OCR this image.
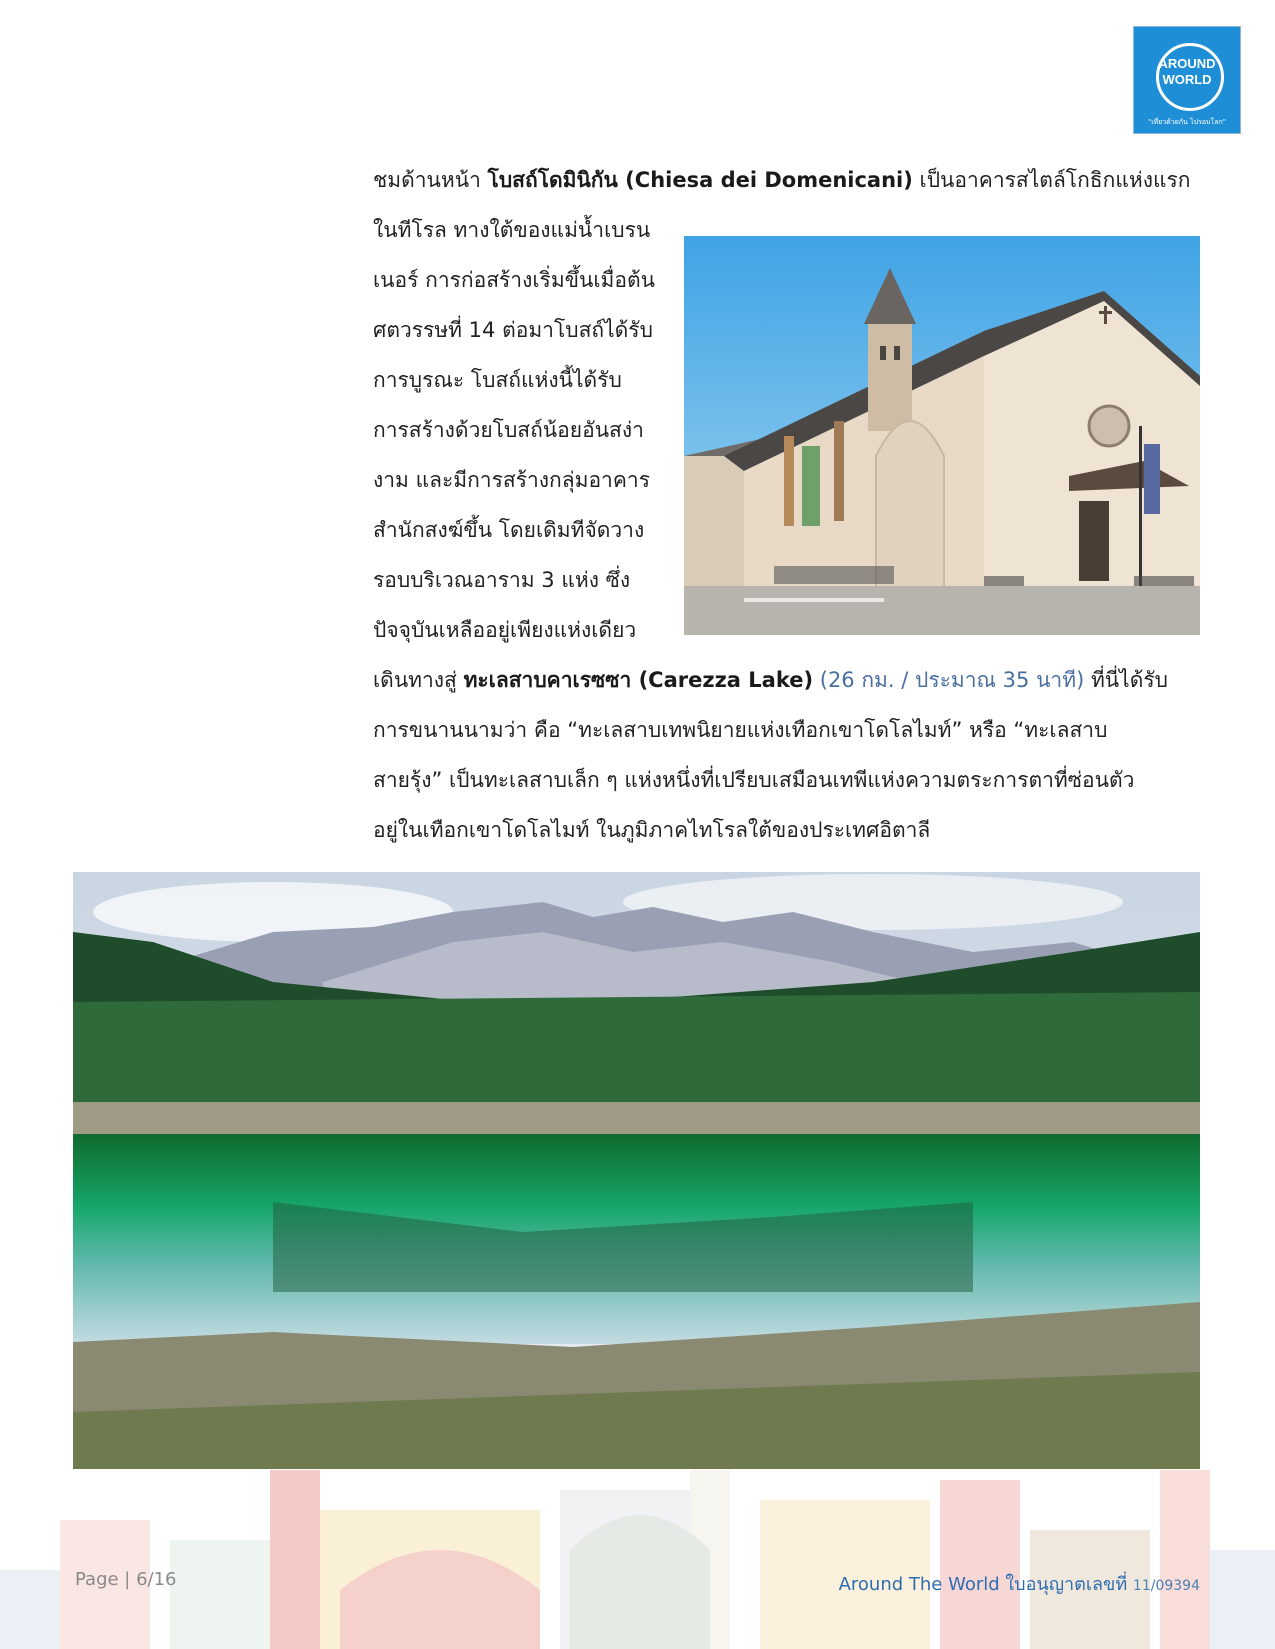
AROUND
WORLD
"เที่ยวด้วยกัน ไปรอบโลก"

ชมด้านหน้า โบสถ์โดมินิกัน (Chiesa dei Domenicani) เป็นอาคารสไตล์โกธิกแห่งแรก

ในทีโรล ทางใต้ของแม่น้ำเบรน
เนอร์ การก่อสร้างเริ่มขึ้นเมื่อต้น
ศตวรรษที่ 14 ต่อมาโบสถ์ได้รับ
การบูรณะ โบสถ์แห่งนี้ได้รับ
การสร้างด้วยโบสถ์น้อยอันสง่า
งาม และมีการสร้างกลุ่มอาคาร
สำนักสงฆ์ขึ้น โดยเดิมทีจัดวาง
รอบบริเวณอาราม 3 แห่ง ซึ่ง
ปัจจุบันเหลืออยู่เพียงแห่งเดียว
เดินทางสู่ ทะเลสาบคาเรซซา (Carezza Lake) (26 กม. / ประมาณ 35 นาที) ที่นี่ได้รับ
การขนานนามว่า คือ “ทะเลสาบเทพนิยายแห่งเทือกเขาโดโลไมท์” หรือ “ทะเลสาบ
สายรุ้ง” เป็นทะเลสาบเล็ก ๆ แห่งหนึ่งที่เปรียบเสมือนเทพีแห่งความตระการตาที่ซ่อนตัว
อยู่ในเทือกเขาโดโลไมท์ ในภูมิภาคไทโรลใต้ของประเทศอิตาลี
Page | 6/16	Around The World ใบอนุญาตเลขที่ 11/09394
